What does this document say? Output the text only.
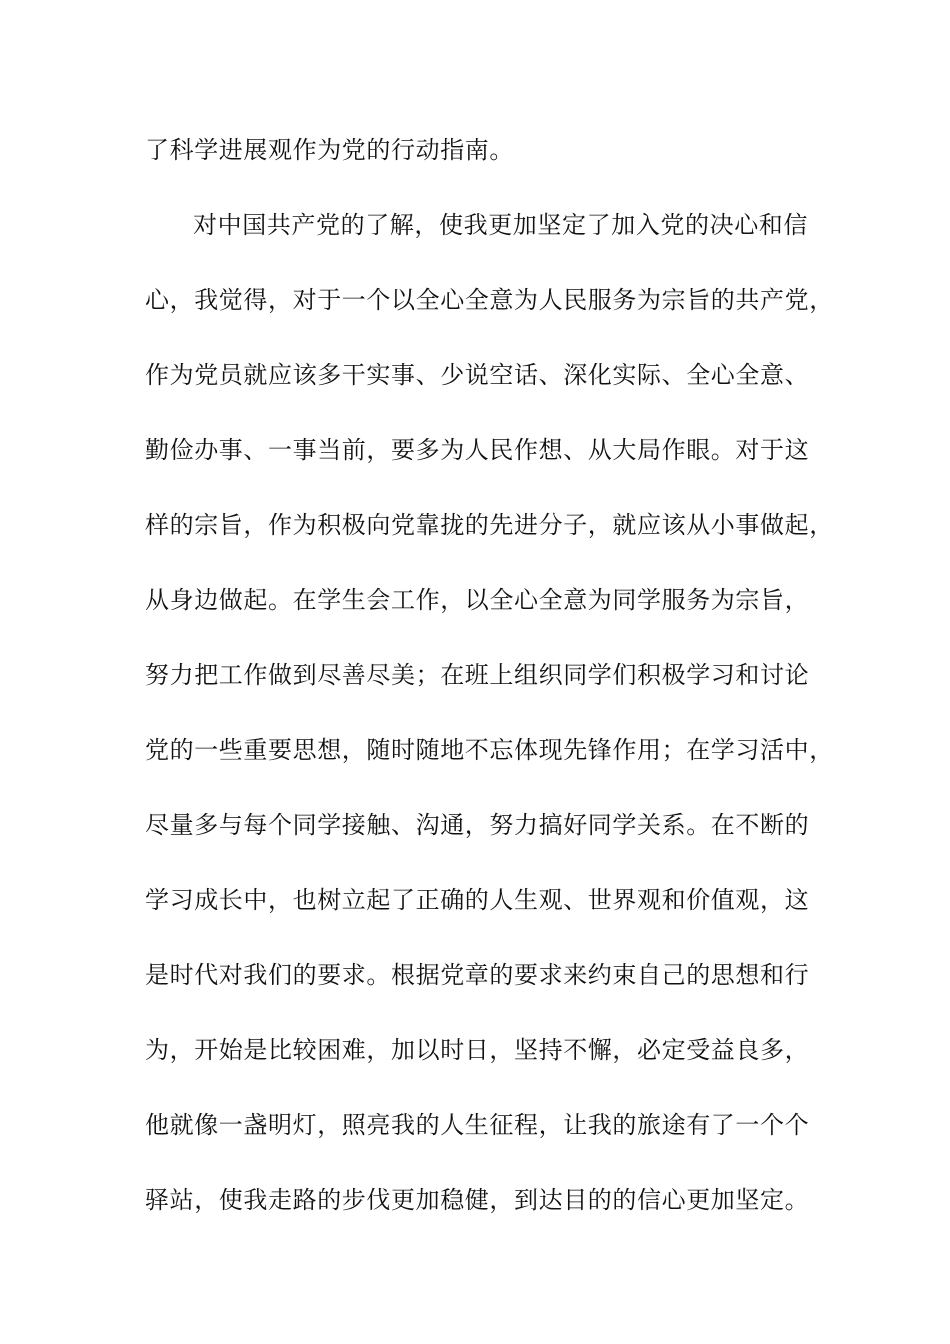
了科学进展观作为党的行动指南。
对中国共产党的了解，使我更加坚定了加入党的决心和信
心，我觉得，对于一个以全心全意为人民服务为宗旨的共产党，
作为党员就应该多干实事、少说空话、深化实际、全心全意、
勤俭办事、一事当前，要多为人民作想、从大局作眼。对于这
样的宗旨，作为积极向党靠拢的先进分子，就应该从小事做起，
从身边做起。在学生会工作，以全心全意为同学服务为宗旨，
努力把工作做到尽善尽美；在班上组织同学们积极学习和讨论
党的一些重要思想，随时随地不忘体现先锋作用；在学习活中，
尽量多与每个同学接触、沟通，努力搞好同学关系。在不断的
学习成长中，也树立起了正确的人生观、世界观和价值观，这
是时代对我们的要求。根据党章的要求来约束自己的思想和行
为，开始是比较困难，加以时日，坚持不懈，必定受益良多，
他就像一盏明灯，照亮我的人生征程，让我的旅途有了一个个
驿站，使我走路的步伐更加稳健，到达目的的信心更加坚定。
